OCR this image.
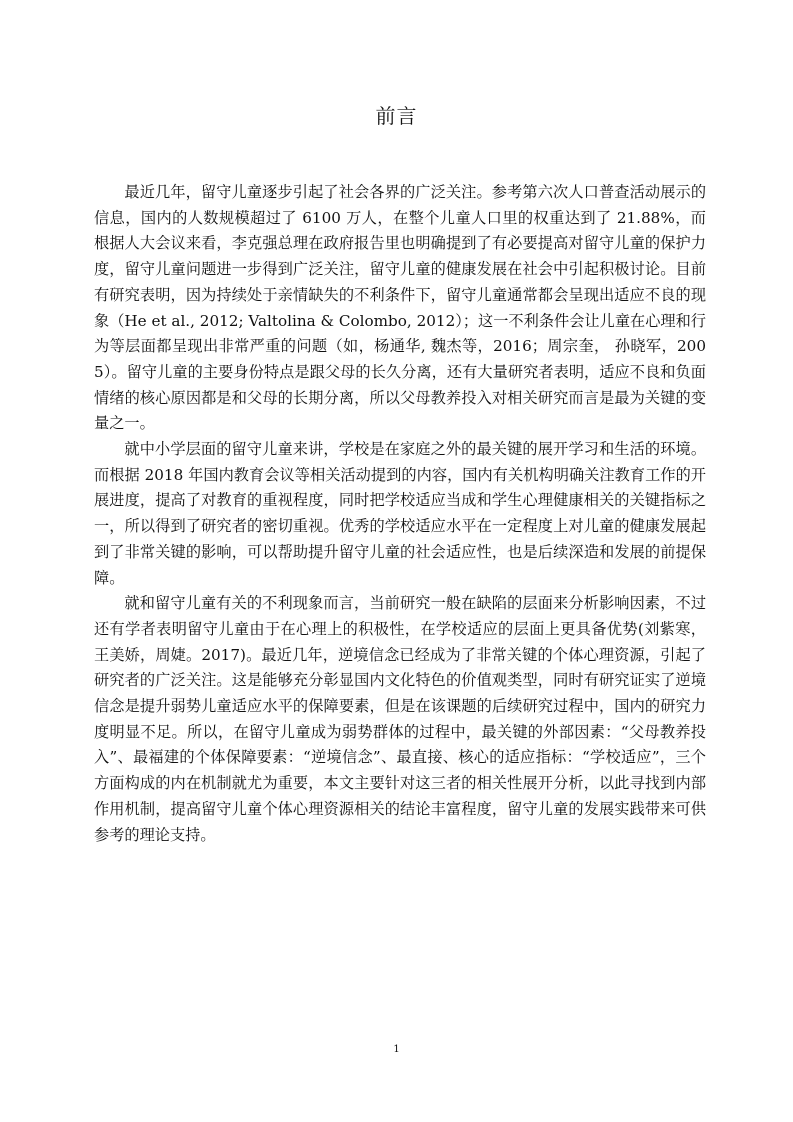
前言

最近几年，留守儿童逐步引起了社会各界的广泛关注。参考第六次人口普查活动展示的信息，国内的人数规模超过了 6100 万人，在整个儿童人口里的权重达到了 21.88%，而根据人大会议来看，李克强总理在政府报告里也明确提到了有必要提高对留守儿童的保护力度，留守儿童问题进一步得到广泛关注，留守儿童的健康发展在社会中引起积极讨论。目前有研究表明，因为持续处于亲情缺失的不利条件下，留守儿童通常都会呈现出适应不良的现象（He et al., 2012; Valtolina & Colombo, 2012）；这一不利条件会让儿童在心理和行为等层面都呈现出非常严重的问题（如，杨通华, 魏杰等，2016；周宗奎， 孙晓军，2005）。留守儿童的主要身份特点是跟父母的长久分离，还有大量研究者表明，适应不良和负面情绪的核心原因都是和父母的长期分离，所以父母教养投入对相关研究而言是最为关键的变量之一。

就中小学层面的留守儿童来讲，学校是在家庭之外的最关键的展开学习和生活的环境。而根据 2018 年国内教育会议等相关活动提到的内容，国内有关机构明确关注教育工作的开展进度，提高了对教育的重视程度，同时把学校适应当成和学生心理健康相关的关键指标之一，所以得到了研究者的密切重视。优秀的学校适应水平在一定程度上对儿童的健康发展起到了非常关键的影响，可以帮助提升留守儿童的社会适应性，也是后续深造和发展的前提保障。

就和留守儿童有关的不利现象而言，当前研究一般在缺陷的层面来分析影响因素，不过还有学者表明留守儿童由于在心理上的积极性，在学校适应的层面上更具备优势(刘紫寒，王美娇，周婕。2017)。最近几年，逆境信念已经成为了非常关键的个体心理资源，引起了研究者的广泛关注。这是能够充分彰显国内文化特色的价值观类型，同时有研究证实了逆境信念是提升弱势儿童适应水平的保障要素，但是在该课题的后续研究过程中，国内的研究力度明显不足。所以，在留守儿童成为弱势群体的过程中，最关键的外部因素：“父母教养投入”、最福建的个体保障要素：“逆境信念”、最直接、核心的适应指标：“学校适应”，三个方面构成的内在机制就尤为重要，本文主要针对这三者的相关性展开分析，以此寻找到内部作用机制，提高留守儿童个体心理资源相关的结论丰富程度，留守儿童的发展实践带来可供参考的理论支持。

1
